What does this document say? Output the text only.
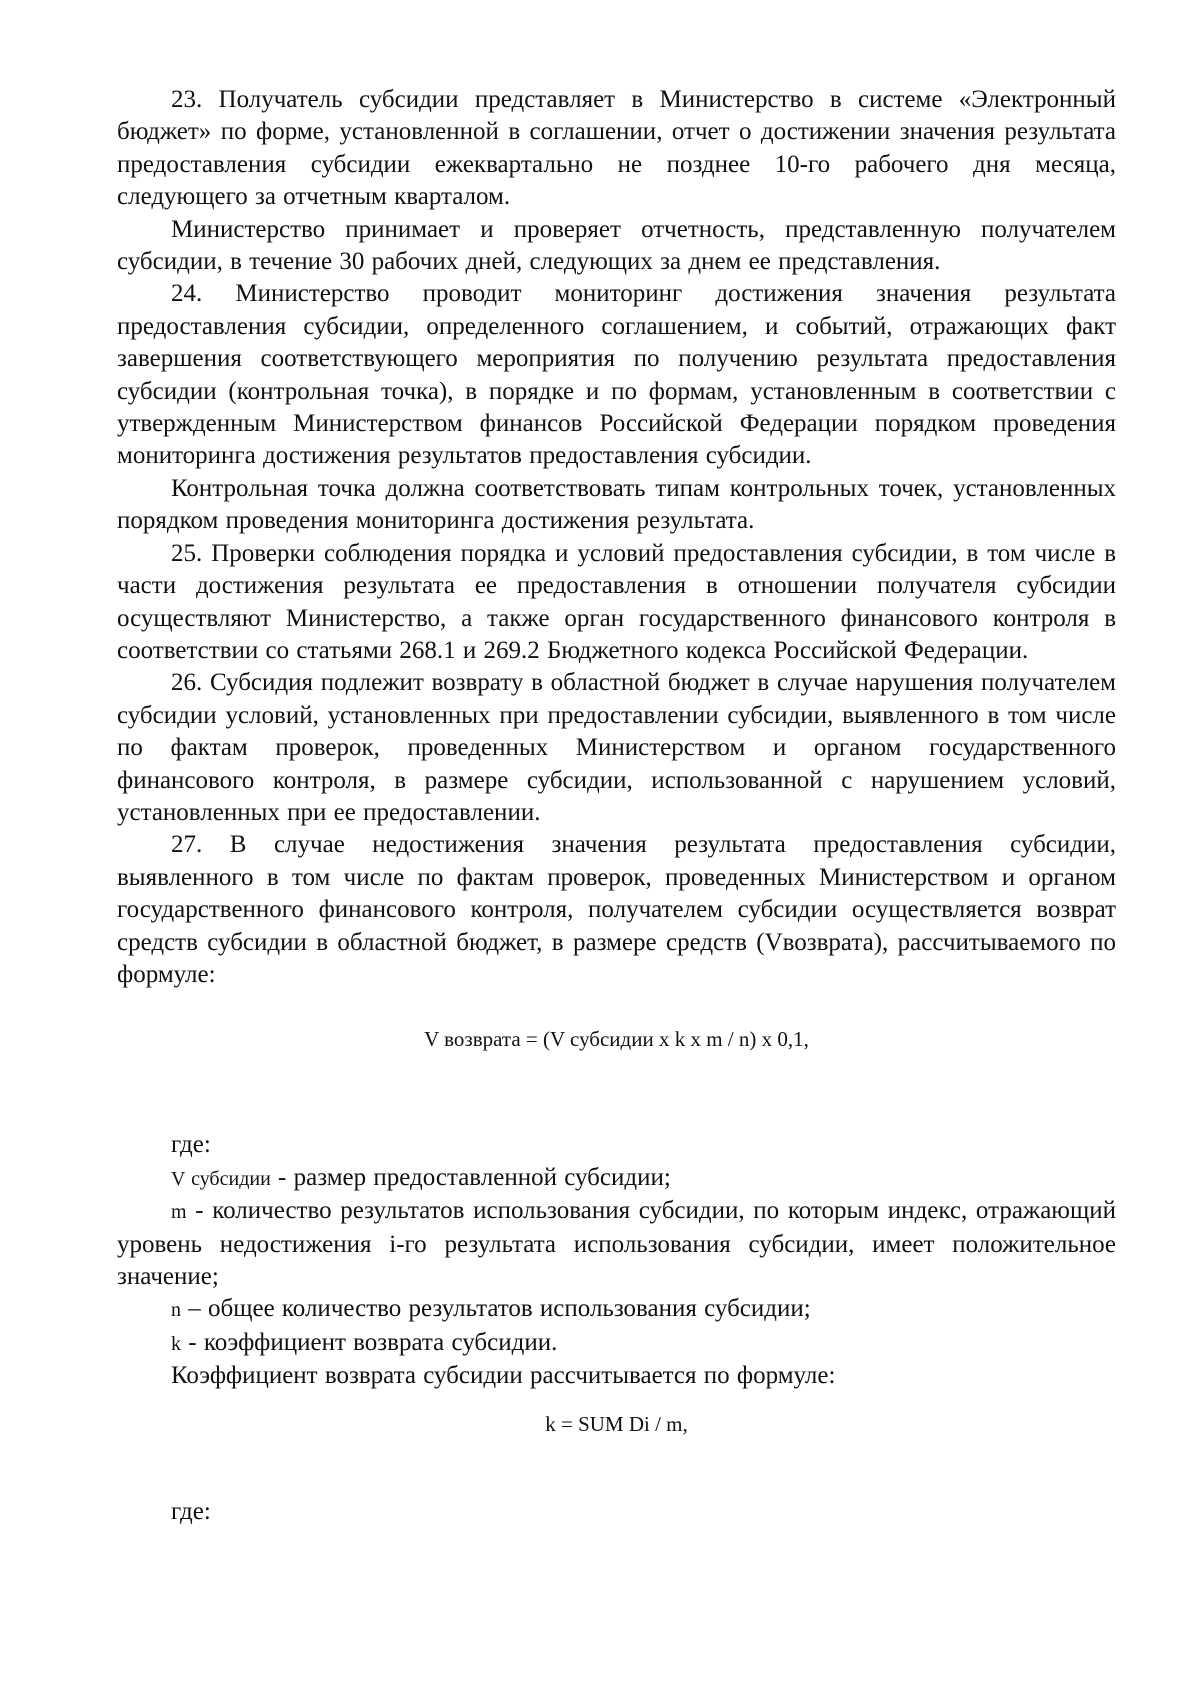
23. Получатель субсидии представляет в Министерство в системе «Электронный бюджет» по форме, установленной в соглашении, отчет о достижении значения результата предоставления субсидии ежеквартально не позднее 10-го рабочего дня месяца, следующего за отчетным кварталом.

Министерство принимает и проверяет отчетность, представленную получателем субсидии, в течение 30 рабочих дней, следующих за днем ее представления.

24. Министерство проводит мониторинг достижения значения результата предоставления субсидии, определенного соглашением, и событий, отражающих факт завершения соответствующего мероприятия по получению результата предоставления субсидии (контрольная точка), в порядке и по формам, установленным в соответствии с утвержденным Министерством финансов Российской Федерации порядком проведения мониторинга достижения результатов предоставления субсидии.

Контрольная точка должна соответствовать типам контрольных точек, установленных порядком проведения мониторинга достижения результата.

25. Проверки соблюдения порядка и условий предоставления субсидии, в том числе в части достижения результата ее предоставления в отношении получателя субсидии осуществляют Министерство, а также орган государственного финансового контроля в соответствии со статьями 268.1 и 269.2 Бюджетного кодекса Российской Федерации.

26. Субсидия подлежит возврату в областной бюджет в случае нарушения получателем субсидии условий, установленных при предоставлении субсидии, выявленного в том числе по фактам проверок, проведенных Министерством и органом государственного финансового контроля, в размере субсидии, использованной с нарушением условий, установленных при ее предоставлении.

27. В случае недостижения значения результата предоставления субсидии, выявленного в том числе по фактам проверок, проведенных Министерством и органом государственного финансового контроля, получателем субсидии осуществляется возврат средств субсидии в областной бюджет, в размере средств (Vвозврата), рассчитываемого по формуле:

V возврата = (V субсидии x k x m / n) x 0,1,

где:

V субсидии - размер предоставленной субсидии;

m - количество результатов использования субсидии, по которым индекс, отражающий уровень недостижения i-го результата использования субсидии, имеет положительное значение;

n – общее количество результатов использования субсидии;

k - коэффициент возврата субсидии.

Коэффициент возврата субсидии рассчитывается по формуле:

k = SUM Di / m,

где:
